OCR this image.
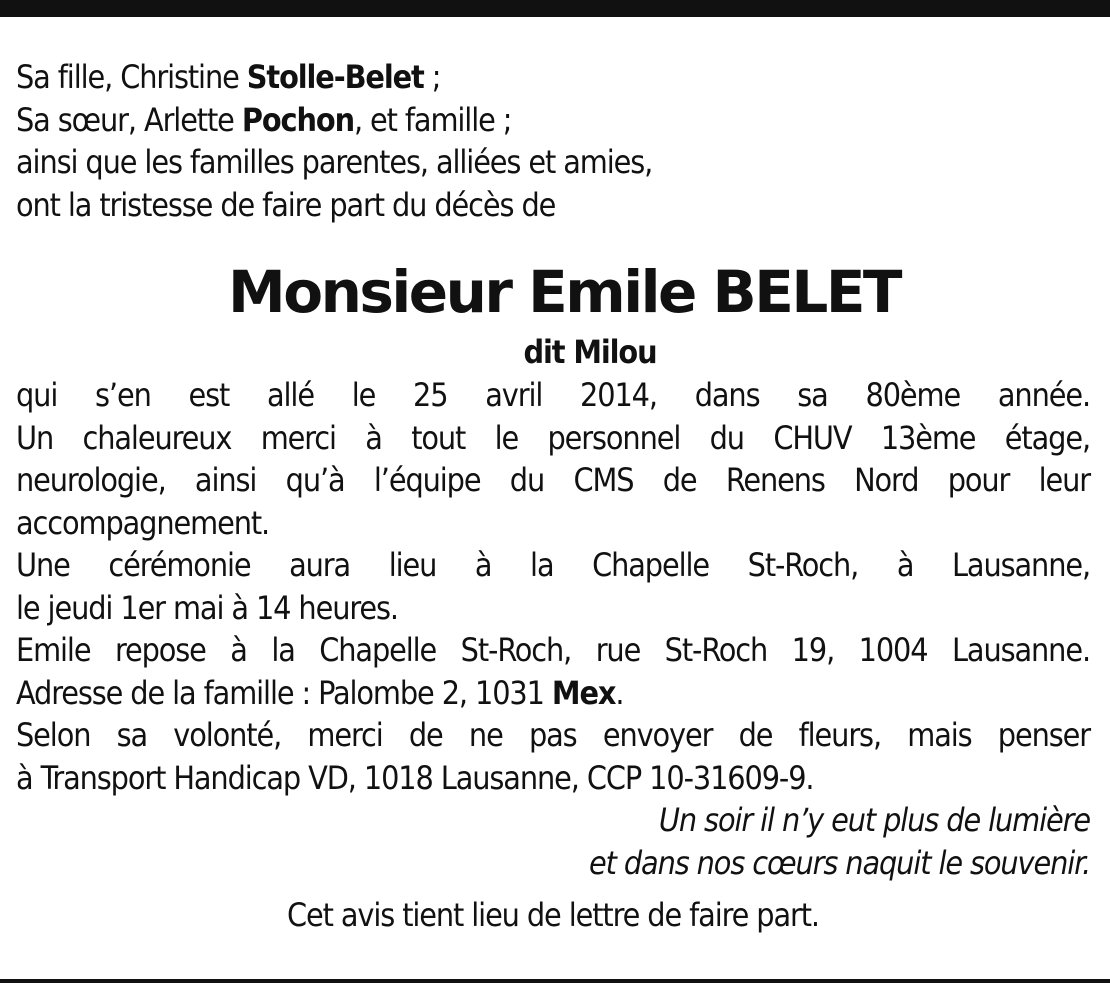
Sa fille, Christine Stolle-Belet ;
Sa sœur, Arlette Pochon, et famille ;
ainsi que les familles parentes, alliées et amies,
ont la tristesse de faire part du décès de
Monsieur Emile BELET
dit Milou
qui s’en est allé le 25 avril 2014, dans sa 80ème année.
Un chaleureux merci à tout le personnel du CHUV 13ème étage,
neurologie, ainsi qu’à l’équipe du CMS de Renens Nord pour leur
accompagnement.
Une cérémonie aura lieu à la Chapelle St-Roch, à Lausanne,
le jeudi 1er mai à 14 heures.
Emile repose à la Chapelle St-Roch, rue St-Roch 19, 1004 Lausanne.
Adresse de la famille : Palombe 2, 1031 Mex.
Selon sa volonté, merci de ne pas envoyer de fleurs, mais penser
à Transport Handicap VD, 1018 Lausanne, CCP 10-31609-9.
Un soir il n’y eut plus de lumière
et dans nos cœurs naquit le souvenir.
Cet avis tient lieu de lettre de faire part.
